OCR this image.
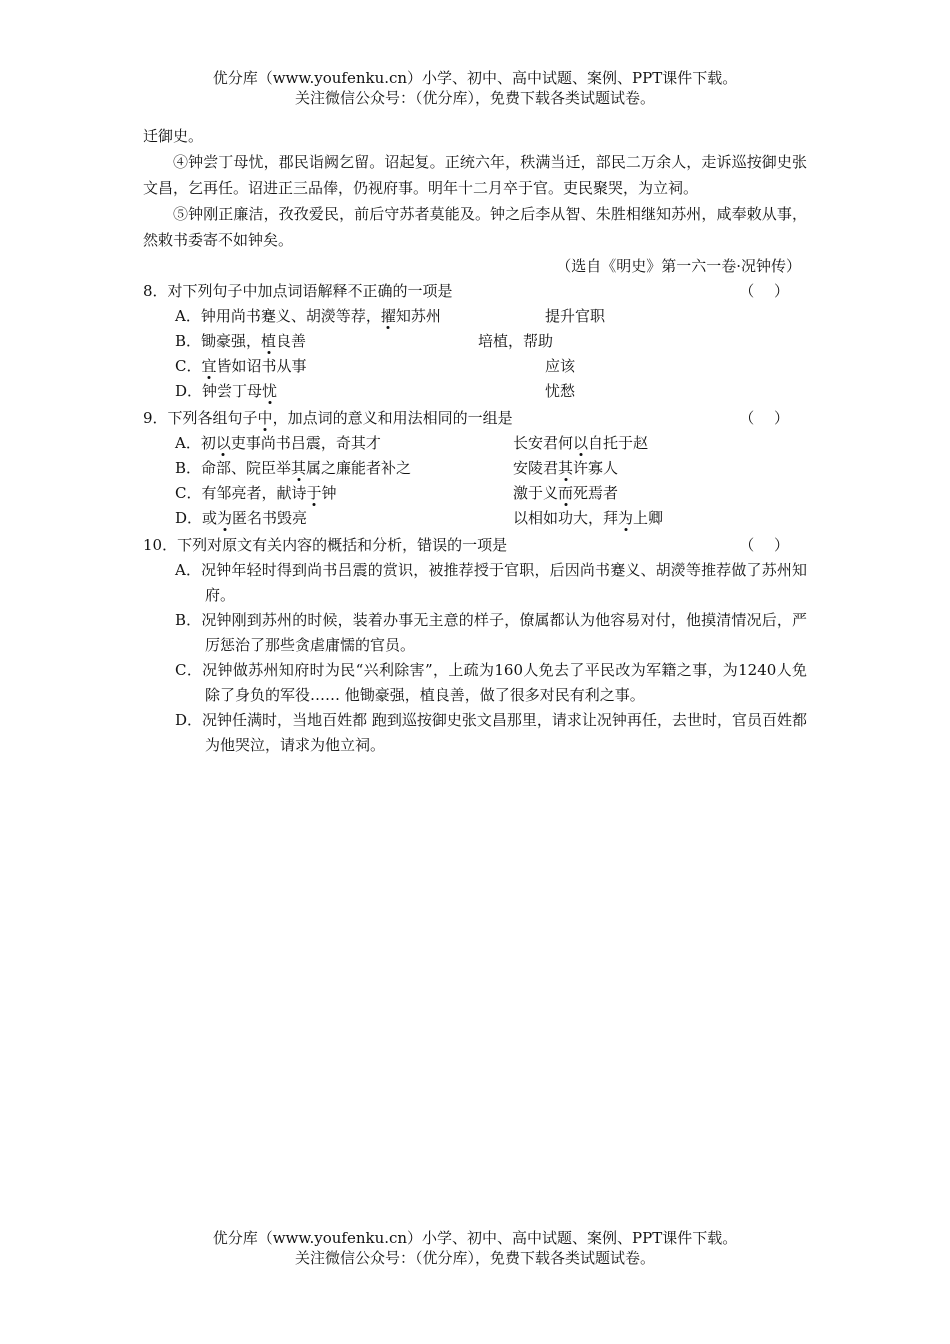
优分库（www.youfenku.cn）小学、初中、高中试题、案例、PPT课件下载。
关注微信公众号：（优分库），免费下载各类试题试卷。
迁御史。
④钟尝丁母忧，郡民诣阙乞留。诏起复。正统六年，秩满当迁，部民二万余人，走诉巡按御史张文昌，乞再任。诏进正三品俸，仍视府事。明年十二月卒于官。吏民聚哭，为立祠。
⑤钟刚正廉洁，孜孜爱民，前后守苏者莫能及。钟之后李从智、朱胜相继知苏州，咸奉敕从事，然敕书委寄不如钟矣。
（选自《明史》第一六一卷·况钟传）
8．对下列句子中加点词语解释不正确的一项是	（　 ）
A．钟用尚书蹇义、胡濙等荐，擢知苏州	提升官职
B．锄豪强，植良善	培植，帮助
C．宜皆如诏书从事	应该
D．钟尝丁母忧	忧愁
9．下列各组句子中，加点词的意义和用法相同的一组是	（　 ）
A．初以吏事尚书吕震，奇其才	长安君何以自托于赵
B．命部、院臣举其属之廉能者补之	安陵君其许寡人
C．有邹亮者，献诗于钟	激于义而死焉者
D．或为匿名书毁亮	以相如功大，拜为上卿
10．下列对原文有关内容的概括和分析，错误的一项是	（　 ）
A．况钟年轻时得到尚书吕震的赏识，被推荐授于官职，后因尚书蹇义、胡濙等推荐做了苏州知府。
B．况钟刚到苏州的时候，装着办事无主意的样子，僚属都认为他容易对付，他摸清情况后，严厉惩治了那些贪虐庸懦的官员。
C．况钟做苏州知府时为民“兴利除害”，上疏为160人免去了平民改为军籍之事，为1240人免除了身负的军役…… 他锄豪强，植良善，做了很多对民有利之事。
D．况钟任满时，当地百姓都 跑到巡按御史张文昌那里，请求让况钟再任，去世时，官员百姓都为他哭泣，请求为他立祠。
优分库（www.youfenku.cn）小学、初中、高中试题、案例、PPT课件下载。
关注微信公众号：（优分库），免费下载各类试题试卷。
